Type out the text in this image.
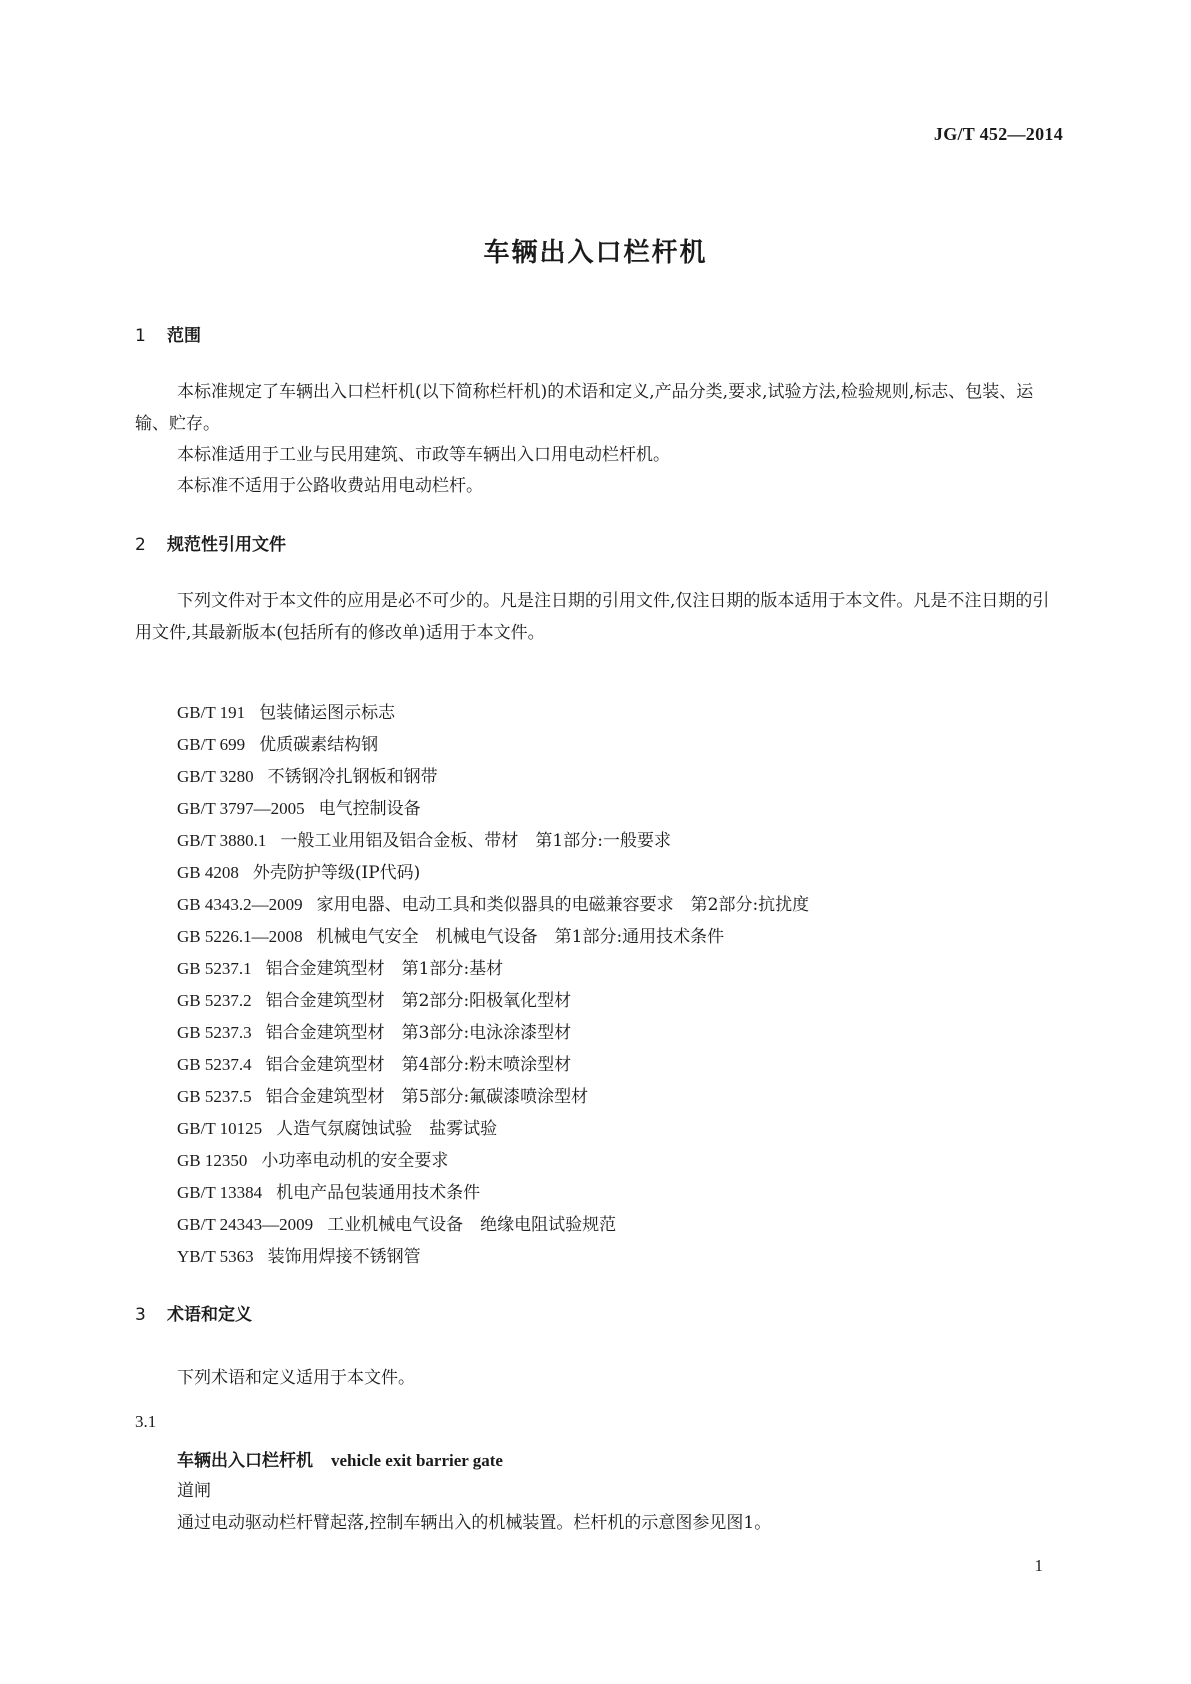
JG/T 452—2014
车辆出入口栏杆机
1 范围
本标准规定了车辆出入口栏杆机(以下简称栏杆机)的术语和定义,产品分类,要求,试验方法,检验规则,标志、包装、运输、贮存。
本标准适用于工业与民用建筑、市政等车辆出入口用电动栏杆机。
本标准不适用于公路收费站用电动栏杆。
2 规范性引用文件
下列文件对于本文件的应用是必不可少的。凡是注日期的引用文件,仅注日期的版本适用于本文件。凡是不注日期的引用文件,其最新版本(包括所有的修改单)适用于本文件。
GB/T 191 包装储运图示标志
GB/T 699 优质碳素结构钢
GB/T 3280 不锈钢冷扎钢板和钢带
GB/T 3797—2005 电气控制设备
GB/T 3880.1 一般工业用铝及铝合金板、带材　第1部分:一般要求
GB 4208 外壳防护等级(IP代码)
GB 4343.2—2009 家用电器、电动工具和类似器具的电磁兼容要求　第2部分:抗扰度
GB 5226.1—2008 机械电气安全　机械电气设备　第1部分:通用技术条件
GB 5237.1 铝合金建筑型材　第1部分:基材
GB 5237.2 铝合金建筑型材　第2部分:阳极氧化型材
GB 5237.3 铝合金建筑型材　第3部分:电泳涂漆型材
GB 5237.4 铝合金建筑型材　第4部分:粉末喷涂型材
GB 5237.5 铝合金建筑型材　第5部分:氟碳漆喷涂型材
GB/T 10125 人造气氛腐蚀试验　盐雾试验
GB 12350 小功率电动机的安全要求
GB/T 13384 机电产品包装通用技术条件
GB/T 24343—2009 工业机械电气设备　绝缘电阻试验规范
YB/T 5363 装饰用焊接不锈钢管
3 术语和定义
下列术语和定义适用于本文件。
3.1
车辆出入口栏杆机 vehicle exit barrier gate
道闸
通过电动驱动栏杆臂起落,控制车辆出入的机械装置。栏杆机的示意图参见图1。
1
